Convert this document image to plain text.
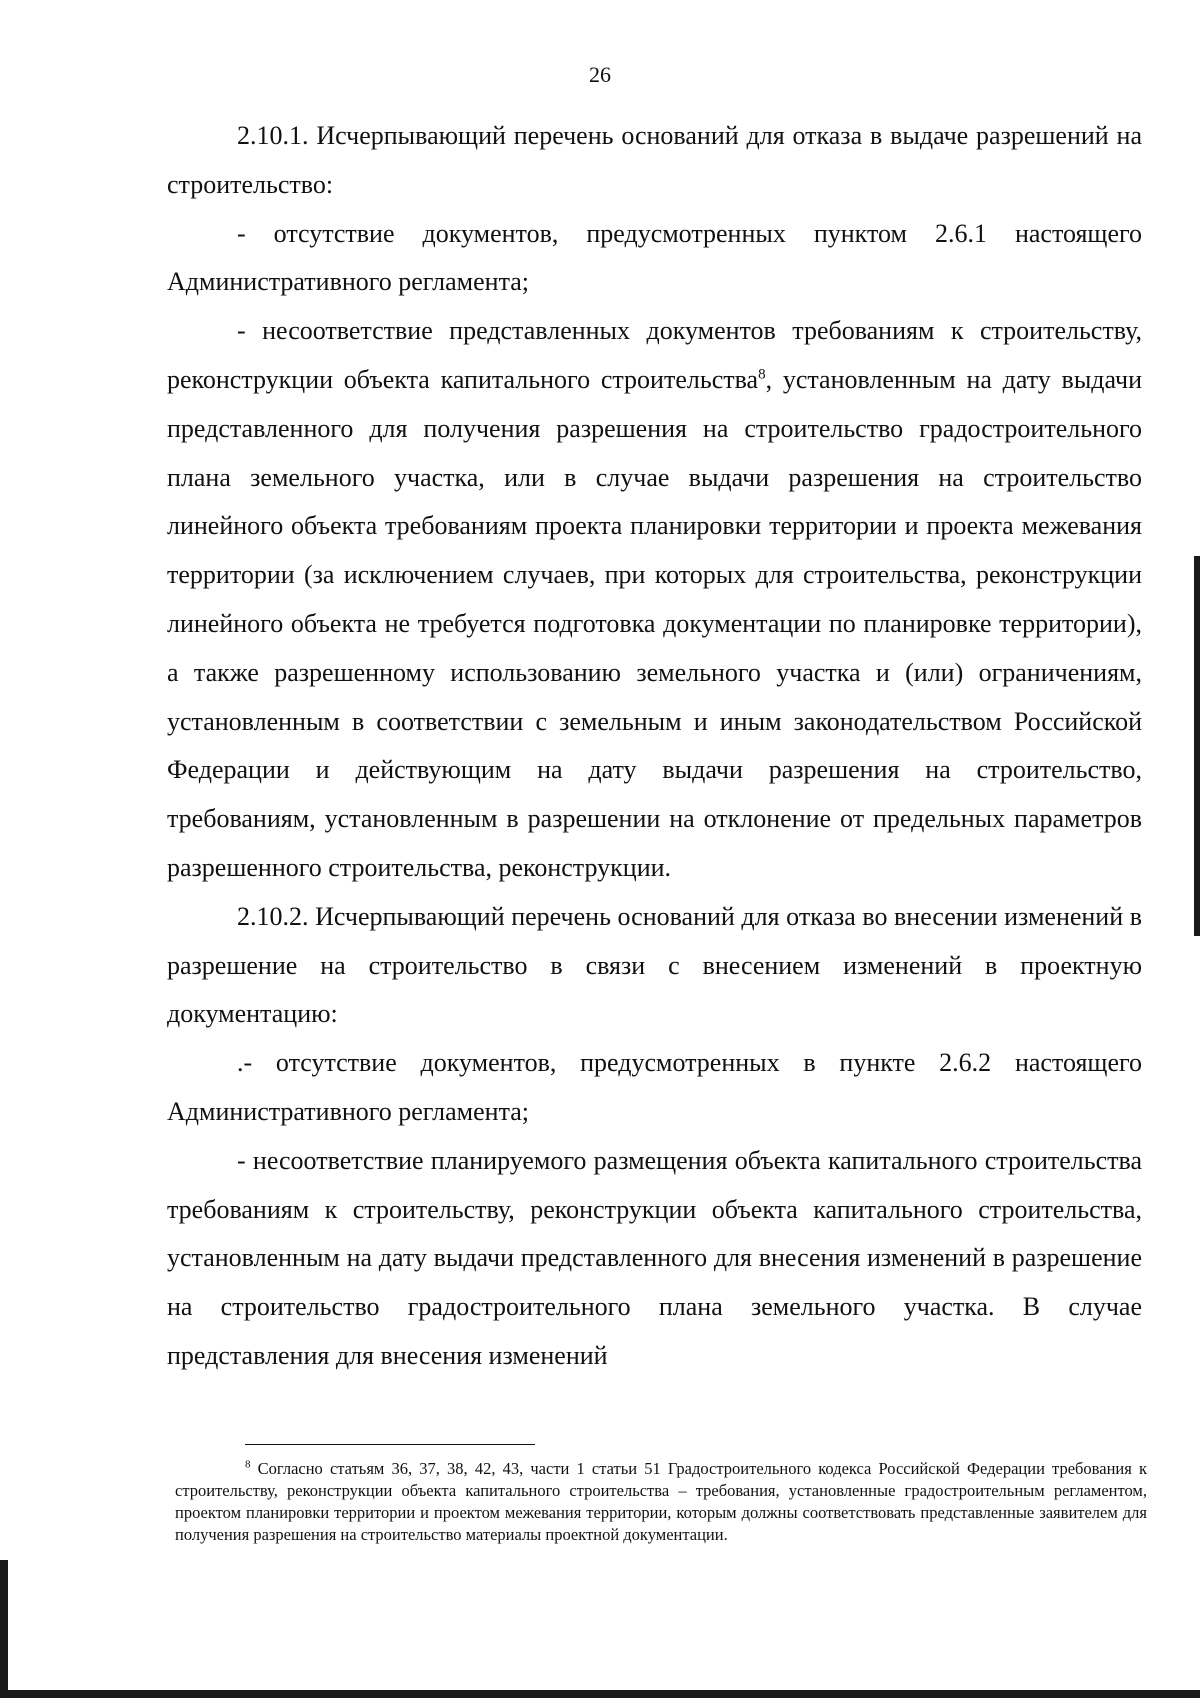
26

2.10.1. Исчерпывающий перечень оснований для отказа в выдаче разрешений на строительство:

- отсутствие документов, предусмотренных пунктом 2.6.1 настоящего Административного регламента;

- несоответствие представленных документов требованиям к строительству, реконструкции объекта капитального строительства$^8$, установленным на дату выдачи представленного для получения разрешения на строительство градостроительного плана земельного участка, или в случае выдачи разрешения на строительство линейного объекта требованиям проекта планировки территории и проекта межевания территории (за исключением случаев, при которых для строительства, реконструкции линейного объекта не требуется подготовка документации по планировке территории), а также разрешенному использованию земельного участка и (или) ограничениям, установленным в соответствии с земельным и иным законодательством Российской Федерации и действующим на дату выдачи разрешения на строительство, требованиям, установленным в разрешении на отклонение от предельных параметров разрешенного строительства, реконструкции.

2.10.2. Исчерпывающий перечень оснований для отказа во внесении изменений в разрешение на строительство в связи с внесением изменений в проектную документацию:

.- отсутствие документов, предусмотренных в пункте 2.6.2 настоящего Административного регламента;

- несоответствие планируемого размещения объекта капитального строительства требованиям к строительству, реконструкции объекта капитального строительства, установленным на дату выдачи представленного для внесения изменений в разрешение на строительство градостроительного плана земельного участка. В случае представления для внесения изменений

$^8$ Согласно статьям 36, 37, 38, 42, 43, части 1 статьи 51 Градостроительного кодекса Российской Федерации требования к строительству, реконструкции объекта капитального строительства – требования, установленные градостроительным регламентом, проектом планировки территории и проектом межевания территории, которым должны соответствовать представленные заявителем для получения разрешения на строительство материалы проектной документации.
